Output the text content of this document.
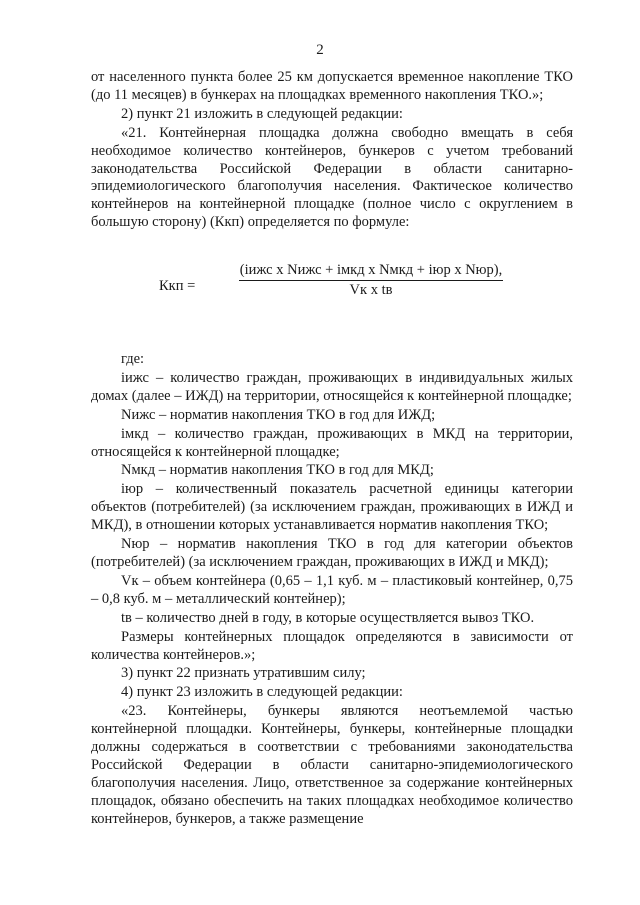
2

от населенного пункта более 25 км допускается временное накопление ТКО (до 11 месяцев) в бункерах на площадках временного накопления ТКО.»;

2) пункт 21 изложить в следующей редакции:

«21. Контейнерная площадка должна свободно вмещать в себя необходимое количество контейнеров, бункеров с учетом требований законодательства Российской Федерации в области санитарно-эпидемиологического благополучия населения. Фактическое количество контейнеров на контейнерной площадке (полное число с округлением в большую сторону) (Ккп) определяется по формуле:

Ккп =
(iижс x Nижс + iмкд x Nмкд + iюр x Nюр),
Vк x tв

где:

iижс – количество граждан, проживающих в индивидуальных жилых домах (далее – ИЖД) на территории, относящейся к контейнерной площадке;

Nижс – норматив накопления ТКО в год для ИЖД;

iмкд – количество граждан, проживающих в МКД на территории, относящейся к контейнерной площадке;

Nмкд – норматив накопления ТКО в год для МКД;

iюр – количественный показатель расчетной единицы категории объектов (потребителей) (за исключением граждан, проживающих в ИЖД и МКД), в отношении которых устанавливается норматив накопления ТКО;

Nюр – норматив накопления ТКО в год для категории объектов (потребителей) (за исключением граждан, проживающих в ИЖД и МКД);

Vк – объем контейнера (0,65 – 1,1 куб. м – пластиковый контейнер, 0,75 – 0,8 куб. м – металлический контейнер);

tв – количество дней в году, в которые осуществляется вывоз ТКО.

Размеры контейнерных площадок определяются в зависимости от количества контейнеров.»;

3) пункт 22 признать утратившим силу;

4) пункт 23 изложить в следующей редакции:

«23. Контейнеры, бункеры являются неотъемлемой частью контейнерной площадки. Контейнеры, бункеры, контейнерные площадки должны содержаться в соответствии с требованиями законодательства Российской Федерации в области санитарно-эпидемиологического благополучия населения. Лицо, ответственное за содержание контейнерных площадок, обязано обеспечить на таких площадках необходимое количество контейнеров, бункеров, а также размещение
